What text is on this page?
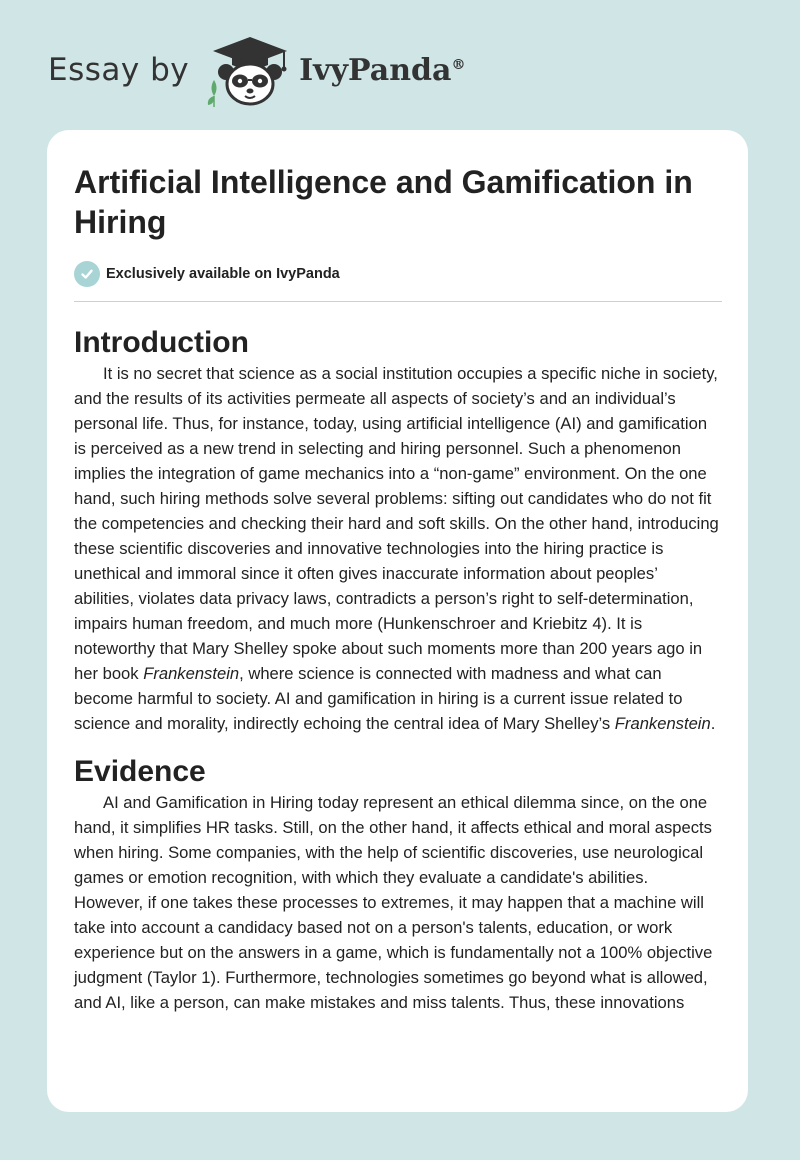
Essay by	IvyPanda®
Artificial Intelligence and Gamification in Hiring
Exclusively available on IvyPanda
Introduction

It is no secret that science as a social institution occupies a specific niche in society,
and the results of its activities permeate all aspects of society’s and an individual’s
personal life. Thus, for instance, today, using artificial intelligence (AI) and gamification
is perceived as a new trend in selecting and hiring personnel. Such a phenomenon
implies the integration of game mechanics into a “non-game” environment. On the one
hand, such hiring methods solve several problems: sifting out candidates who do not fit
the competencies and checking their hard and soft skills. On the other hand, introducing
these scientific discoveries and innovative technologies into the hiring practice is
unethical and immoral since it often gives inaccurate information about peoples’
abilities, violates data privacy laws, contradicts a person’s right to self-determination,
impairs human freedom, and much more (Hunkenschroer and Kriebitz 4). It is
noteworthy that Mary Shelley spoke about such moments more than 200 years ago in
her book Frankenstein, where science is connected with madness and what can
become harmful to society. AI and gamification in hiring is a current issue related to
science and morality, indirectly echoing the central idea of Mary Shelley’s Frankenstein.

Evidence

AI and Gamification in Hiring today represent an ethical dilemma since, on the one
hand, it simplifies HR tasks. Still, on the other hand, it affects ethical and moral aspects
when hiring. Some companies, with the help of scientific discoveries, use neurological
games or emotion recognition, with which they evaluate a candidate's abilities.
However, if one takes these processes to extremes, it may happen that a machine will
take into account a candidacy based not on a person's talents, education, or work
experience but on the answers in a game, which is fundamentally not a 100% objective
judgment (Taylor 1). Furthermore, technologies sometimes go beyond what is allowed,
and AI, like a person, can make mistakes and miss talents. Thus, these innovations
